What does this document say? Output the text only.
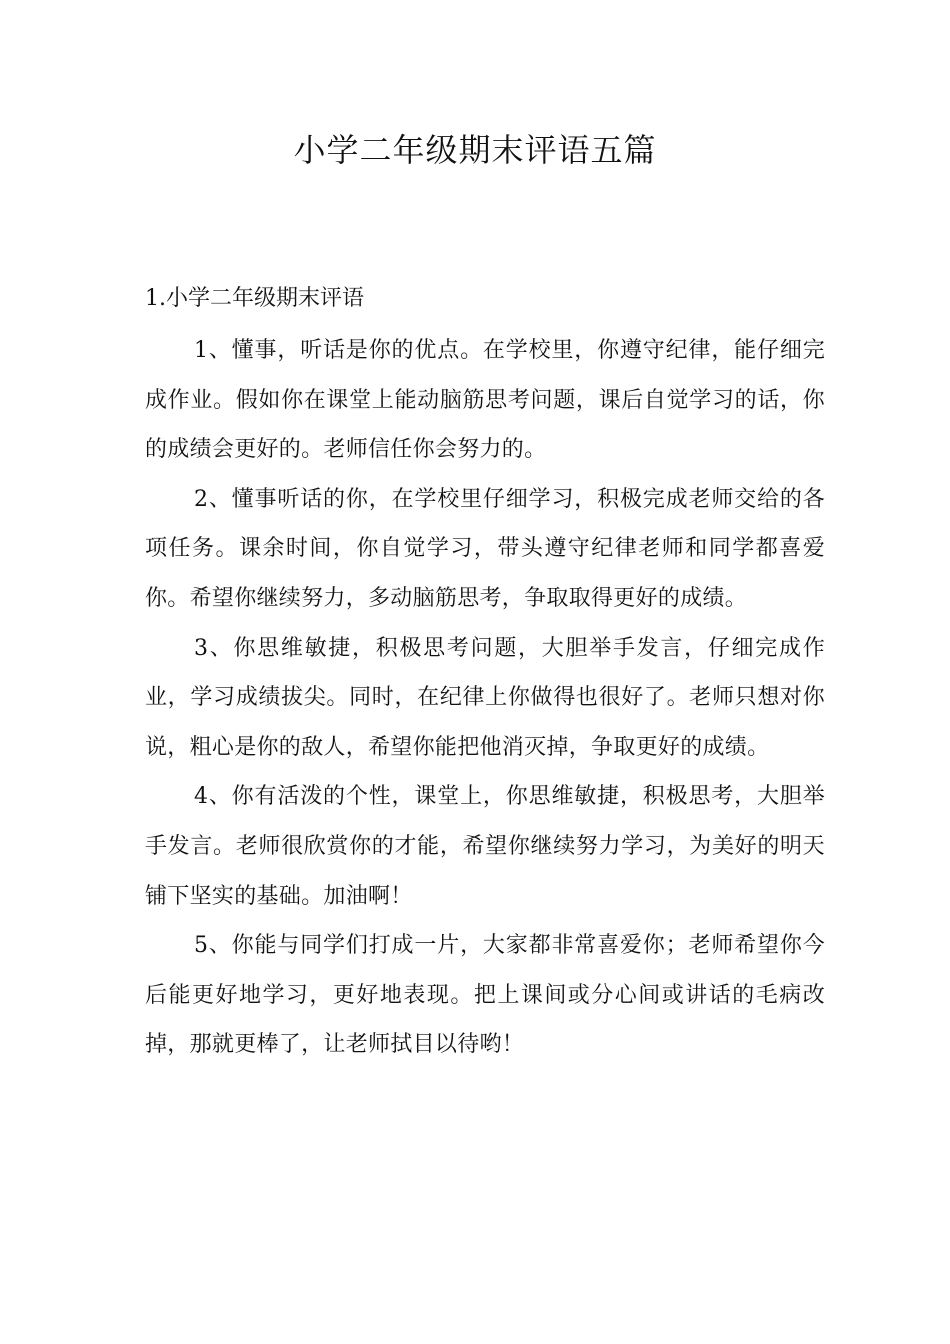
小学二年级期末评语五篇
1.小学二年级期末评语

1、懂事，听话是你的优点。在学校里，你遵守纪律，能仔细完成作业。假如你在课堂上能动脑筋思考问题，课后自觉学习的话，你的成绩会更好的。老师信任你会努力的。

2、懂事听话的你，在学校里仔细学习，积极完成老师交给的各项任务。课余时间，你自觉学习，带头遵守纪律老师和同学都喜爱你。希望你继续努力，多动脑筋思考，争取取得更好的成绩。

3、你思维敏捷，积极思考问题，大胆举手发言，仔细完成作业，学习成绩拔尖。同时，在纪律上你做得也很好了。老师只想对你说，粗心是你的敌人，希望你能把他消灭掉，争取更好的成绩。

4、你有活泼的个性，课堂上，你思维敏捷，积极思考，大胆举手发言。老师很欣赏你的才能，希望你继续努力学习，为美好的明天铺下坚实的基础。加油啊！

5、你能与同学们打成一片，大家都非常喜爱你；老师希望你今后能更好地学习，更好地表现。把上课间或分心间或讲话的毛病改掉，那就更棒了，让老师拭目以待哟！
